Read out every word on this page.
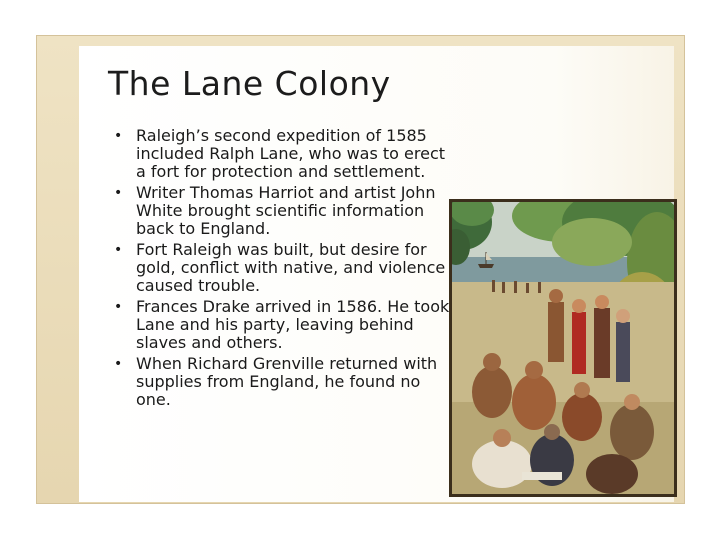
The Lane Colony
• Raleigh’s second expedition of 1585 included Ralph Lane, who was to erect a fort for protection and settlement.
• Writer Thomas Harriot and artist John White brought scientific information back to England.
• Fort Raleigh was built, but desire for gold, conflict with native, and violence caused trouble.
• Frances Drake arrived in 1586. He took Lane and his party, leaving behind slaves and others.
• When Richard Grenville returned with supplies from England, he found no one.
